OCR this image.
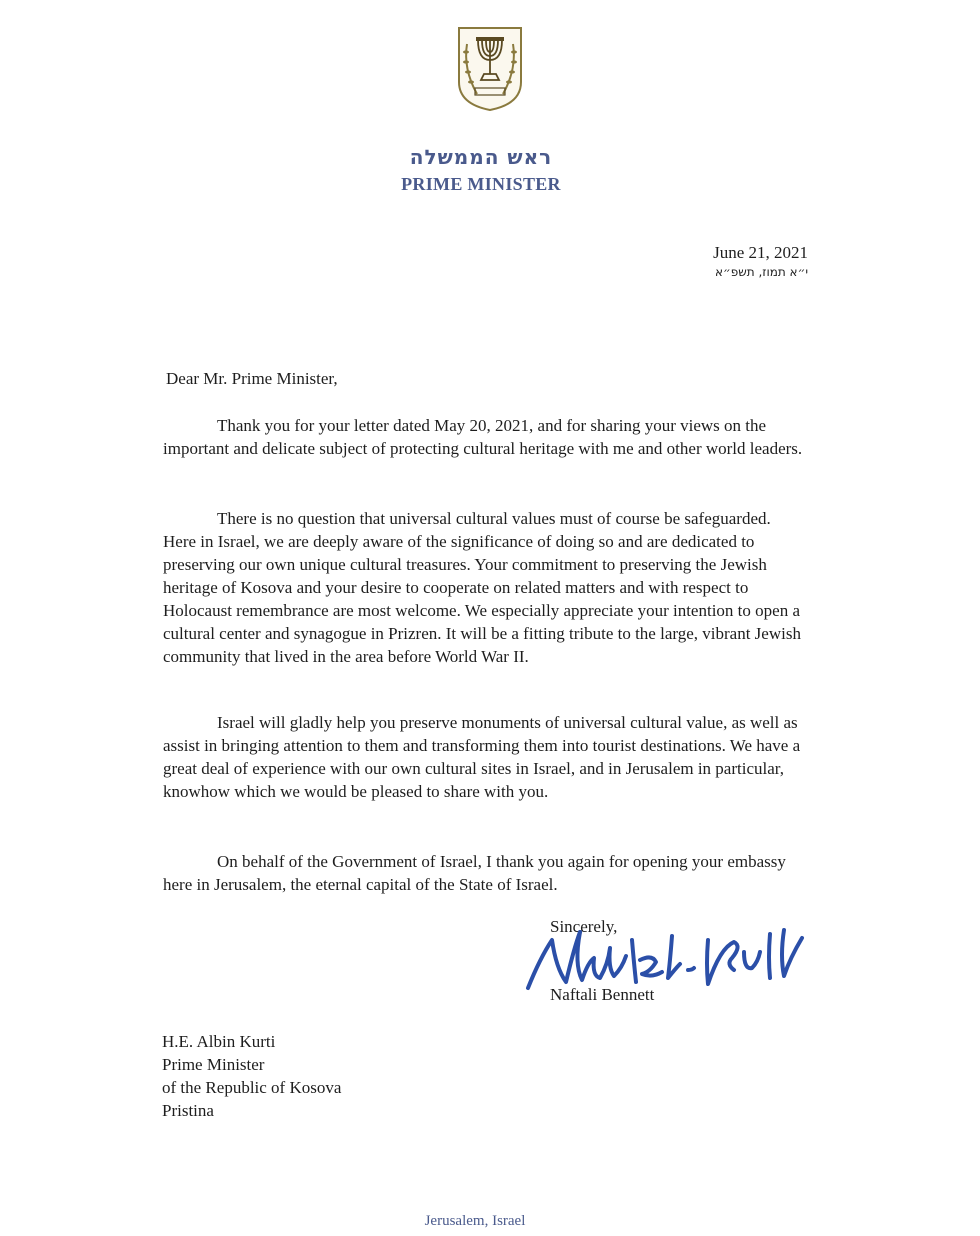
ראש הממשלה
PRIME MINISTER
June 21, 2021
י״א תמוז, תשפ״א
Dear Mr. Prime Minister,

Thank you for your letter dated May 20, 2021, and for sharing your views on the important and delicate subject of protecting cultural heritage with me and other world leaders.

There is no question that universal cultural values must of course be safeguarded. Here in Israel, we are deeply aware of the significance of doing so and are dedicated to preserving our own unique cultural treasures. Your commitment to preserving the Jewish heritage of Kosova and your desire to cooperate on related matters and with respect to Holocaust remembrance are most welcome. We especially appreciate your intention to open a cultural center and synagogue in Prizren. It will be a fitting tribute to the large, vibrant Jewish community that lived in the area before World War II.

Israel will gladly help you preserve monuments of universal cultural value, as well as assist in bringing attention to them and transforming them into tourist destinations. We have a great deal of experience with our own cultural sites in Israel, and in Jerusalem in particular, knowhow which we would be pleased to share with you.

On behalf of the Government of Israel, I thank you again for opening your embassy here in Jerusalem, the eternal capital of the State of Israel.

Sincerely,
Naftali Bennett
H.E. Albin Kurti
Prime Minister
of the Republic of Kosova
Pristina
Jerusalem, Israel
